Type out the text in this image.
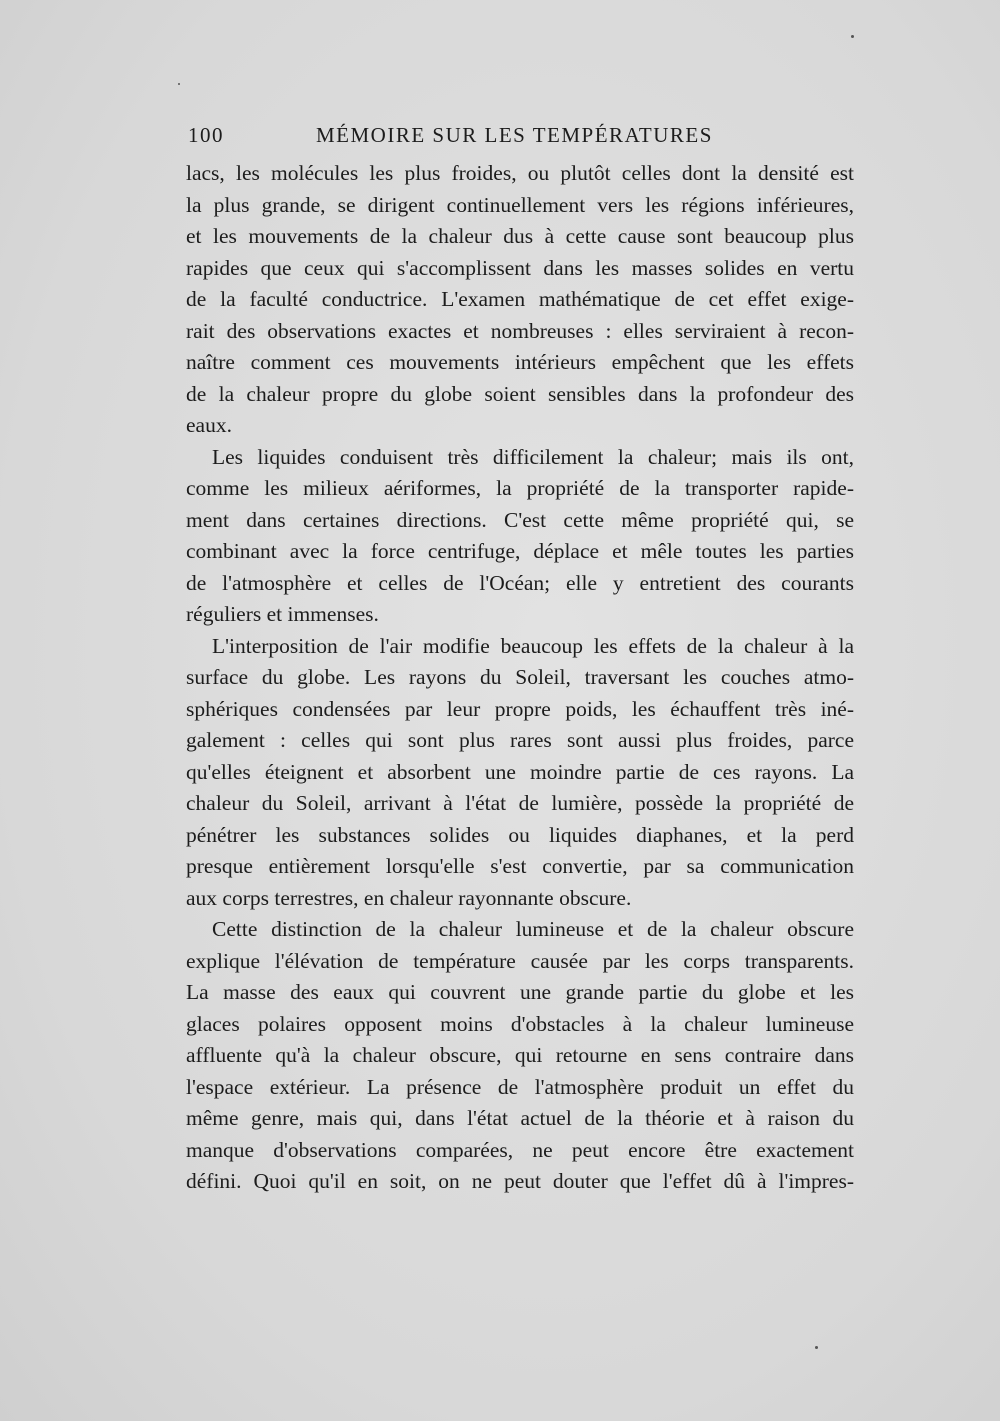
100	MÉMOIRE SUR LES TEMPÉRATURES
lacs, les molécules les plus froides, ou plutôt celles dont la densité est
la plus grande, se dirigent continuellement vers les régions inférieures,
et les mouvements de la chaleur dus à cette cause sont beaucoup plus
rapides que ceux qui s'accomplissent dans les masses solides en vertu
de la faculté conductrice. L'examen mathématique de cet effet exige-
rait des observations exactes et nombreuses : elles serviraient à recon-
naître comment ces mouvements intérieurs empêchent que les effets
de la chaleur propre du globe soient sensibles dans la profondeur des
eaux.
Les liquides conduisent très difficilement la chaleur; mais ils ont,
comme les milieux aériformes, la propriété de la transporter rapide-
ment dans certaines directions. C'est cette même propriété qui, se
combinant avec la force centrifuge, déplace et mêle toutes les parties
de l'atmosphère et celles de l'Océan; elle y entretient des courants
réguliers et immenses.
L'interposition de l'air modifie beaucoup les effets de la chaleur à la
surface du globe. Les rayons du Soleil, traversant les couches atmo-
sphériques condensées par leur propre poids, les échauffent très iné-
galement : celles qui sont plus rares sont aussi plus froides, parce
qu'elles éteignent et absorbent une moindre partie de ces rayons. La
chaleur du Soleil, arrivant à l'état de lumière, possède la propriété de
pénétrer les substances solides ou liquides diaphanes, et la perd
presque entièrement lorsqu'elle s'est convertie, par sa communication
aux corps terrestres, en chaleur rayonnante obscure.
Cette distinction de la chaleur lumineuse et de la chaleur obscure
explique l'élévation de température causée par les corps transparents.
La masse des eaux qui couvrent une grande partie du globe et les
glaces polaires opposent moins d'obstacles à la chaleur lumineuse
affluente qu'à la chaleur obscure, qui retourne en sens contraire dans
l'espace extérieur. La présence de l'atmosphère produit un effet du
même genre, mais qui, dans l'état actuel de la théorie et à raison du
manque d'observations comparées, ne peut encore être exactement
défini. Quoi qu'il en soit, on ne peut douter que l'effet dû à l'impres-
